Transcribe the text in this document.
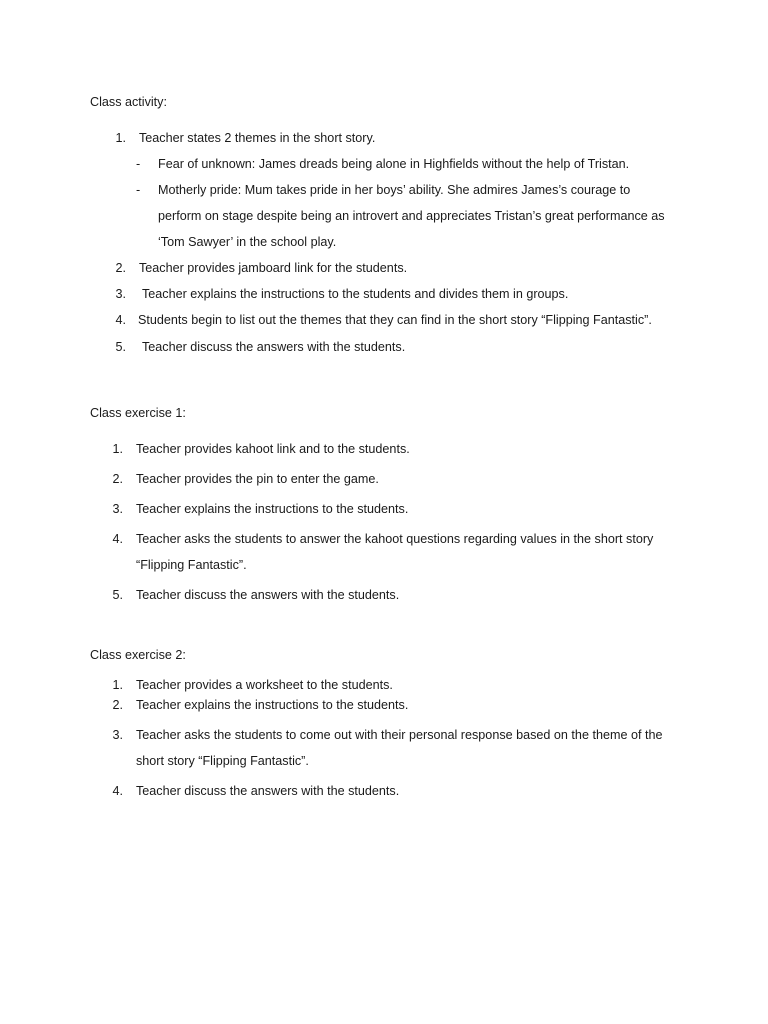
Class activity:
1. Teacher states 2 themes in the short story.
- Fear of unknown: James dreads being alone in Highfields without the help of Tristan.
- Motherly pride: Mum takes pride in her boys’ ability. She admires James’s courage to
perform on stage despite being an introvert and appreciates Tristan’s great performance as
‘Tom Sawyer’ in the school play.
2. Teacher provides jamboard link for the students.
3. Teacher explains the instructions to the students and divides them in groups.
4. Students begin to list out the themes that they can find in the short story “Flipping Fantastic”.
5. Teacher discuss the answers with the students.
Class exercise 1:
1. Teacher provides kahoot link and to the students.
2. Teacher provides the pin to enter the game.
3. Teacher explains the instructions to the students.
4. Teacher asks the students to answer the kahoot questions regarding values in the short story
“Flipping Fantastic”.
5. Teacher discuss the answers with the students.
Class exercise 2:
1. Teacher provides a worksheet to the students.
2. Teacher explains the instructions to the students.
3. Teacher asks the students to come out with their personal response based on the theme of the
short story “Flipping Fantastic”.
4. Teacher discuss the answers with the students.
